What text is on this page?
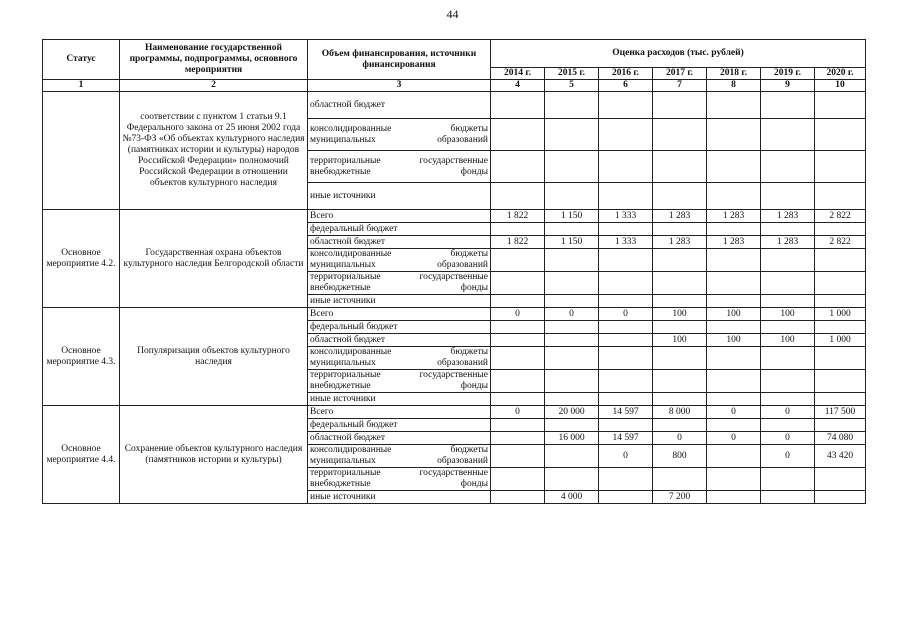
44
Статус	Наименование государственной программы, подпрограммы, основного мероприятия	Объем финансирования, источники финансирования	Оценка расходов (тыс. рублей)						
			2014 г.	2015 г.	2016 г.	2017 г.	2018 г.	2019 г.	2020 г.
1	2	3	4	5	6	7	8	9	10
	соответствии с пунктом 1 статьи 9.1 Федерального закона от 25 июня 2002 года №73-ФЗ «Об объектах культурного наследия (памятниках истории и культуры) народов Российской Федерации» полномочий Российской Федерации в отношении объектов культурного наследия	областной бюджет							
		консолидированные бюджеты муниципальных образований							
		территориальные государственные внебюджетные фонды							
		иные источники							
Основное мероприятие 4.2.	Государственная охрана объектов культурного наследия Белгородской области	Всего	1 822	1 150	1 333	1 283	1 283	1 283	2 822
		федеральный бюджет							
		областной бюджет	1 822	1 150	1 333	1 283	1 283	1 283	2 822
		консолидированные бюджеты муниципальных образований							
		территориальные государственные внебюджетные фонды							
		иные источники							
Основное мероприятие 4.3.	Популяризация объектов культурного наследия	Всего	0	0	0	100	100	100	1 000
		федеральный бюджет							
		областной бюджет				100	100	100	1 000
		консолидированные бюджеты муниципальных образований							
		территориальные государственные внебюджетные фонды							
		иные источники							
Основное мероприятие 4.4.	Сохранение объектов культурного наследия (памятников истории и культуры)	Всего	0	20 000	14 597	8 000	0	0	117 500
		федеральный бюджет							
		областной бюджет		16 000	14 597	0	0	0	74 080
		консолидированные бюджеты муниципальных образований			0	800		0	43 420
		территориальные государственные внебюджетные фонды							
		иные источники		4 000		7 200			
